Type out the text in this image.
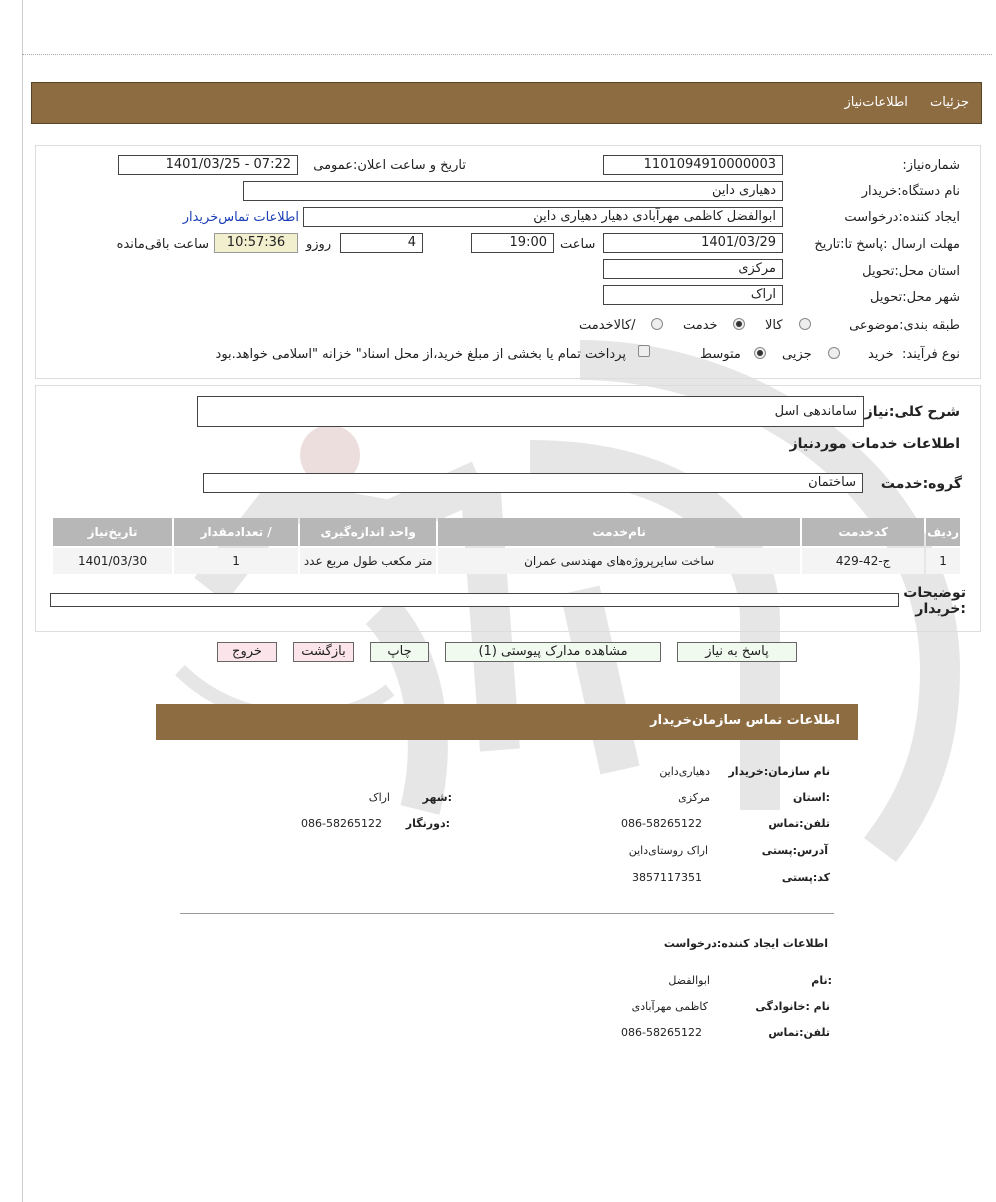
جزئیات اطلاعات‌نیاز
شماره‌نیاز:
1101094910000003
تاریخ و ساعت اعلان:عمومی
1401/03/25 - 07:22
نام دستگاه:خریدار
دهیاری داین
ایجاد کننده:درخواست
ابوالفضل کاظمی مهرآبادی دهیار دهیاری داین
اطلاعات تماس‌خریدار
مهلت ارسال :پاسخ تا:تاریخ
1401/03/29
ساعت
19:00
4
روزو
10:57:36
ساعت باقی‌مانده
استان محل:تحویل
مرکزی
شهر محل:تحویل
اراک
طبقه بندی:موضوعی
کالا
خدمت
/کالاخدمت
نوع فرآیند:
خرید
جزیی
متوسط
پرداخت تمام یا بخشی از مبلغ خرید،از محل اسناد" خزانه "اسلامی خواهد.بود
شرح کلی:نیاز
ساماندهی اسل
اطلاعات خدمات موردنیاز
گروه:خدمت
ساختمان
ردیف	کدخدمت	نام‌خدمت	واحد اندازه‌گیری	/ تعدادمقدار	تاریخ‌نیاز
1	ج-42-429	ساخت سایرپروژه‌های مهندسی عمران	متر مکعب طول مربع عدد	1	1401/03/30
توضیحات :خریدار
پاسخ به نیاز
مشاهده مدارک پیوستی (1)
چاپ
بازگشت
خروج
اطلاعات تماس سازمان‌خریدار
نام سازمان:خریدار
دهیاری‌داین
:استان
مرکزی
:شهر
اراک
تلفن:تماس
086-58265122
:دورنگار
086-58265122
آدرس:پستی
اراک روستای‌داین
کد:پستی
3857117351
اطلاعات ایجاد کننده:درخواست
:نام
ابوالفضل
نام :خانوادگی
کاظمی مهرآبادی
تلفن:تماس
086-58265122
